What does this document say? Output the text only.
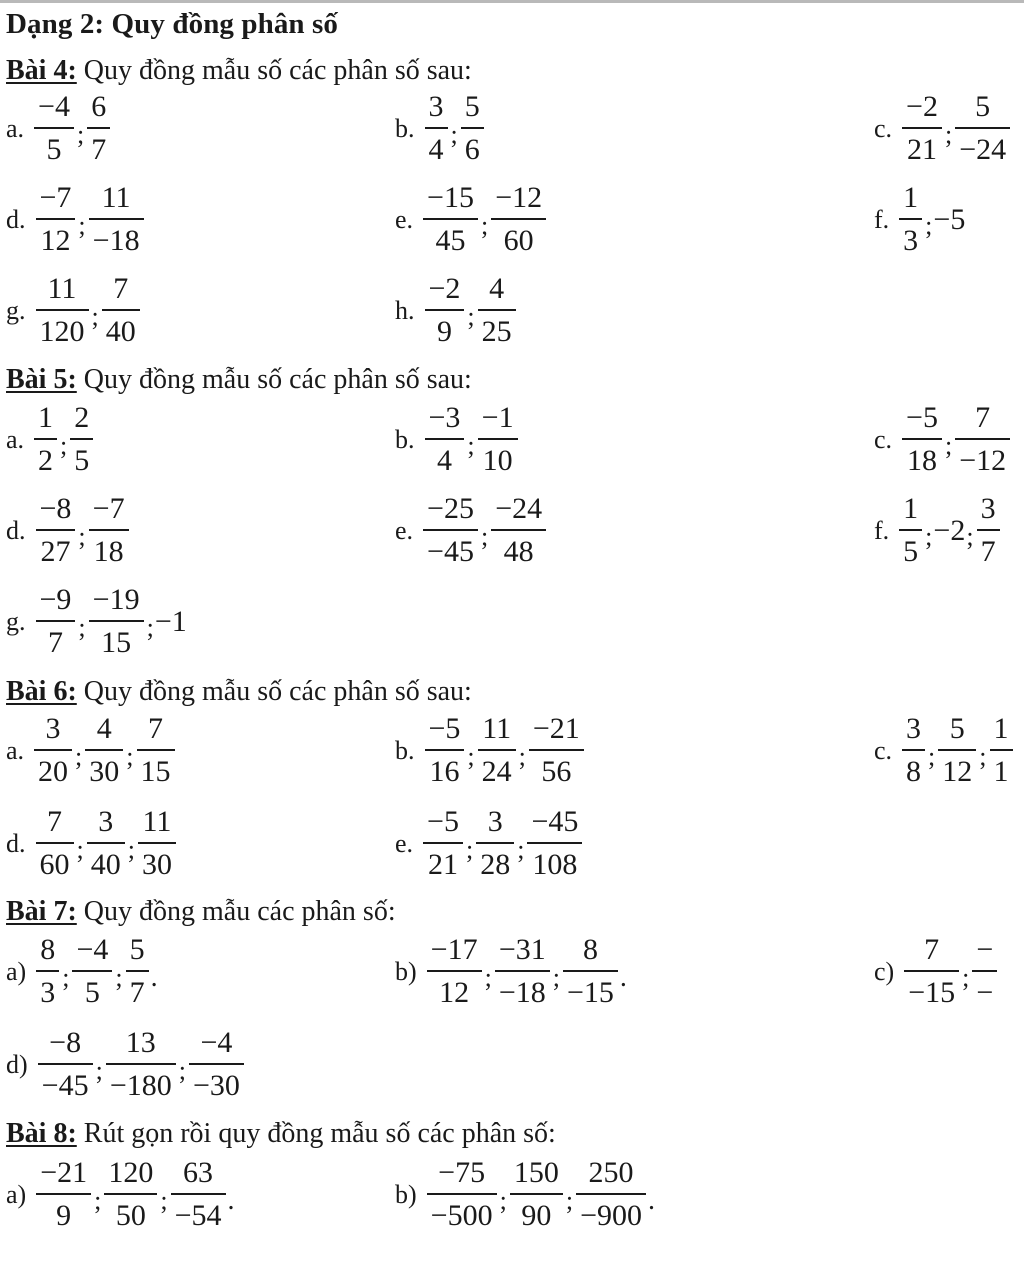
Dạng 2: Quy đồng phân số
Bài 4: Quy đồng mẫu số các phân số sau:
a. $\frac{-4}{5}$ ; $\frac{6}{7}$	b. $\frac{3}{4}$ ; $\frac{5}{6}$	c. $\frac{-2}{21}$ ; $\frac{5}{-24}$
d. $\frac{-7}{12}$ ; $\frac{11}{-18}$	e. $\frac{-15}{45}$ ; $\frac{-12}{60}$	f. $\frac{1}{3}$ ; −5
g. $\frac{11}{120}$ ; $\frac{7}{40}$	h. $\frac{-2}{9}$ ; $\frac{4}{25}$
Bài 5: Quy đồng mẫu số các phân số sau:
a. $\frac{1}{2}$ ; $\frac{2}{5}$	b. $\frac{-3}{4}$ ; $\frac{-1}{10}$	c. $\frac{-5}{18}$ ; $\frac{7}{-12}$
d. $\frac{-8}{27}$ ; $\frac{-7}{18}$	e. $\frac{-25}{-45}$ ; $\frac{-24}{48}$	f. $\frac{1}{5}$ ; −2 ; $\frac{3}{7}$
g. $\frac{-9}{7}$ ; $\frac{-19}{15}$ ; −1
Bài 6: Quy đồng mẫu số các phân số sau:
a. $\frac{3}{20}$ ; $\frac{4}{30}$ ; $\frac{7}{15}$	b. $\frac{-5}{16}$ ; $\frac{11}{24}$ ; $\frac{-21}{56}$	c. $\frac{3}{8}$ ; $\frac{5}{12}$ ; $\frac{1}{1}$
d. $\frac{7}{60}$ ; $\frac{3}{40}$ ; $\frac{11}{30}$	e. $\frac{-5}{21}$ ; $\frac{3}{28}$ ; $\frac{-45}{108}$
Bài 7: Quy đồng mẫu các phân số:
$a) \frac{8}{3}$ ; $\frac{-4}{5}$ ; $\frac{5}{7}$ .	$b) \frac{-17}{12}$ ; $\frac{-31}{-18}$ ; $\frac{8}{-15}$ .	$c) \frac{7}{-15}$ ; $\frac{-}{-}$
$d) \frac{-8}{-45}$ ; $\frac{13}{-180}$ ; $\frac{-4}{-30}$
Bài 8: Rút gọn rồi quy đồng mẫu số các phân số:
$a) \frac{-21}{9}$ ; $\frac{120}{50}$ ; $\frac{63}{-54}$ .	$b) \frac{-75}{-500}$ ; $\frac{150}{90}$ ; $\frac{250}{-900}$ .
